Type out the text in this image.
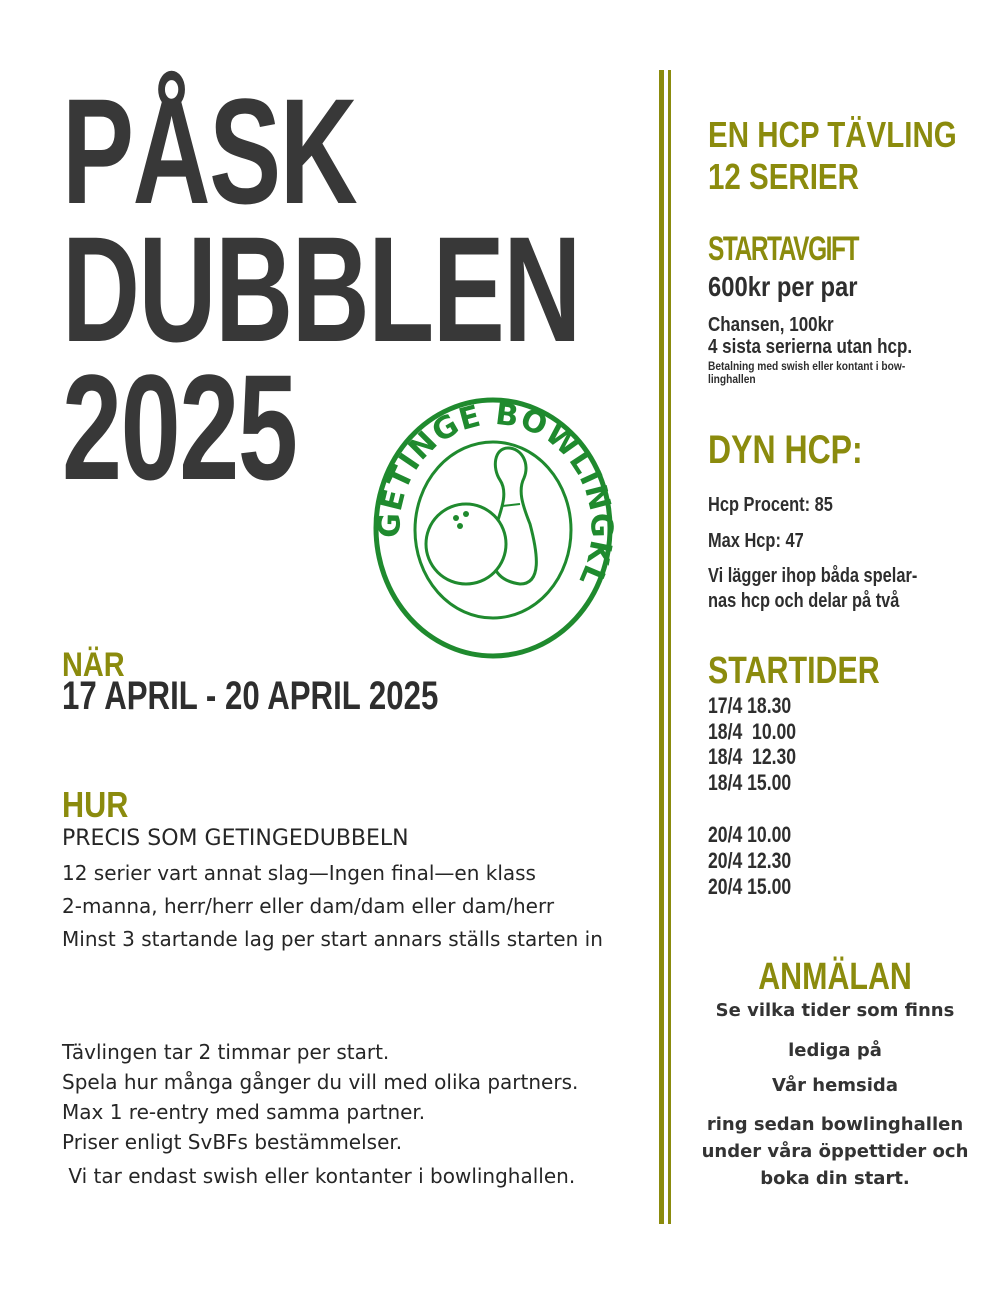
PÅSK
DUBBLEN
2025
GETINGE BOWLINGKL
NÄR
17 APRIL - 20 APRIL 2025
HUR
PRECIS SOM GETINGEDUBBELN
12 serier vart annat slag—Ingen final—en klass
2-manna, herr/herr eller dam/dam eller dam/herr
Minst 3 startande lag per start annars ställs starten in
Tävlingen tar 2 timmar per start.
Spela hur många gånger du vill med olika partners.
Max 1 re-entry med samma partner.
Priser enligt SvBFs bestämmelser.
Vi tar endast swish eller kontanter i bowlinghallen.
EN HCP TÄVLING
12 SERIER
STARTAVGIFT
600kr per par
Chansen, 100kr
4 sista serierna utan hcp.
Betalning med swish eller kontant i bow-
linghallen
DYN HCP:
Hcp Procent: 85
Max Hcp: 47
Vi lägger ihop båda spelar-
nas hcp och delar på två
STARTIDER
17/4 18.30
18/4  10.00
18/4  12.30
18/4 15.00
20/4 10.00
20/4 12.30
20/4 15.00
ANMÄLAN
Se vilka tider som finns
lediga på
Vår hemsida
ring sedan bowlinghallen
under våra öppettider och
boka din start.
